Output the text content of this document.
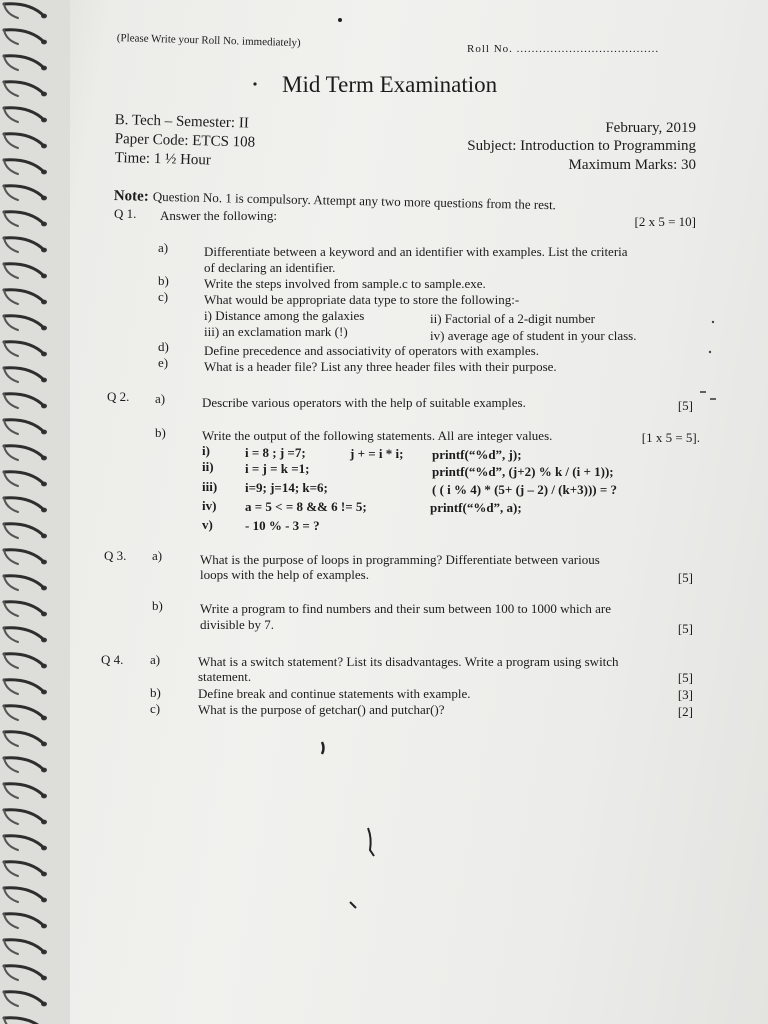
(Please Write your Roll No. immediately)	Roll No. ......................................
Mid Term Examination
B. Tech – Semester: II
Paper Code: ETCS 108
Time: 1 ½ Hour
February, 2019
Subject: Introduction to Programming
Maximum Marks: 30
Note: Question No. 1 is compulsory. Attempt any two more questions from the rest.
Q 1. Answer the following:	[2 x 5 = 10]
a)	Differentiate between a keyword and an identifier with examples. List the criteria
of declaring an identifier.
b)	Write the steps involved from sample.c to sample.exe.
c)	What would be appropriate data type to store the following:-
i) Distance among the galaxies	ii) Factorial of a 2-digit number
iii) an exclamation mark (!)	iv) average age of student in your class.
d)	Define precedence and associativity of operators with examples.
e)	What is a header file? List any three header files with their purpose.
Q 2. a)	Describe various operators with the help of suitable examples.	[5]
b)	Write the output of the following statements. All are integer values.	[1 x 5 = 5].
i)	i = 8 ; j =7;	j + = i * i; printf(“%d”, j);
ii) i = j = k =1;	printf(“%d”, (j+2) % k / (i + 1));
iii) i=9; j=14; k=6;	( ( i % 4) * (5+ (j – 2) / (k+3))) = ?
iv) a = 5 < = 8 && 6 != 5;	printf(“%d”, a);
v) - 10 % - 3 = ?
Q 3. a)	What is the purpose of loops in programming? Differentiate between various
loops with the help of examples.	[5]
b)	Write a program to find numbers and their sum between 100 to 1000 which are
divisible by 7.	[5]
Q 4. a)	What is a switch statement? List its disadvantages. Write a program using switch
statement.	[5]
b)	Define break and continue statements with example.	[3]
c)	What is the purpose of getchar() and putchar()?	[2]
